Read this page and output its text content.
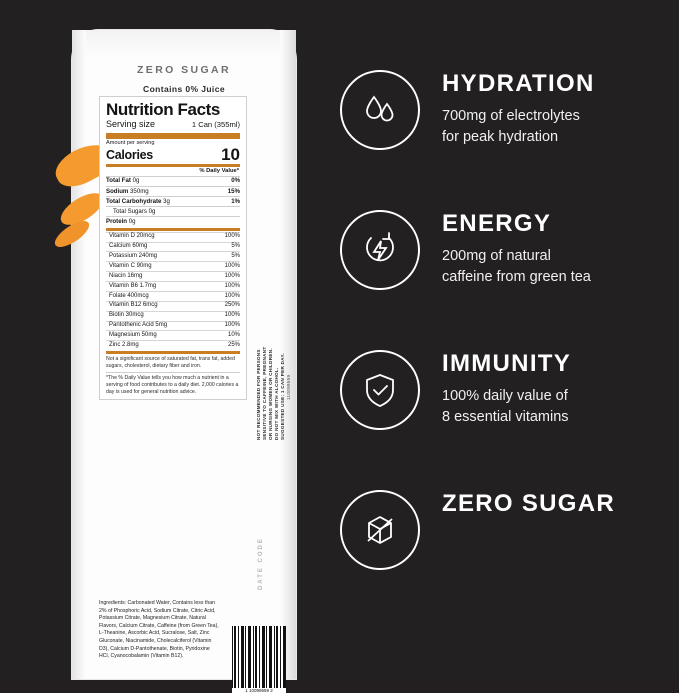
ZERO SUGAR
Contains 0% Juice
Nutrition Facts
Serving size	1 Can (355ml)
Amount per serving
Calories	10
% Daily Value*
Total Fat 0g	0%
Sodium 350mg	15%
Total Carbohydrate 3g	1%
Total Sugars 0g
Protein 0g
Vitamin D 20mcg	100%
Calcium 60mg	5%
Potassium 240mg	5%
Vitamin C 90mg	100%
Niacin 16mg	100%
Vitamin B6 1.7mg	100%
Folate 400mcg	100%
Vitamin B12 6mcg	250%
Biotin 30mcg	100%
Pantothenic Acid 5mg	100%
Magnesium 50mg	10%
Zinc 2.8mg	25%
Not a significant source of saturated fat, trans fat, added sugars, cholesterol, dietary fiber and iron.
*The % Daily Value tells you how much a nutrient in a serving of food contributes to a daily diet. 2,000 calories a day is used for general nutrition advice.	NOT RECOMMENDED FOR PERSONS SENSITIVE TO CAFFEINE, PREGNANT OR NURSING WOMEN OR CHILDREN. DO NOT MIX WITH ALCOHOL. SUGGESTED USE: 1 CAN PER DAY. 110099559
DATE CODE
Ingredients: Carbonated Water, Contains less than 2% of Phosphoric Acid, Sodium Citrate, Citric Acid, Potassium Citrate, Magnesium Citrate, Natural Flavors, Calcium Citrate, Caffeine (from Green Tea), L-Theanine, Ascorbic Acid, Sucralose, Salt, Zinc Gluconate, Niacinamide, Cholecalciferol (Vitamin D3), Calcium D-Pantothenate, Biotin, Pyridoxine HCl, Cyanocobalamin (Vitamin B12).
1 10099559 2
HYDRATION
700mg of electrolytes
for peak hydration
ENERGY
200mg of natural
caffeine from green tea
IMMUNITY
100% daily value of
8 essential vitamins
ZERO SUGAR
